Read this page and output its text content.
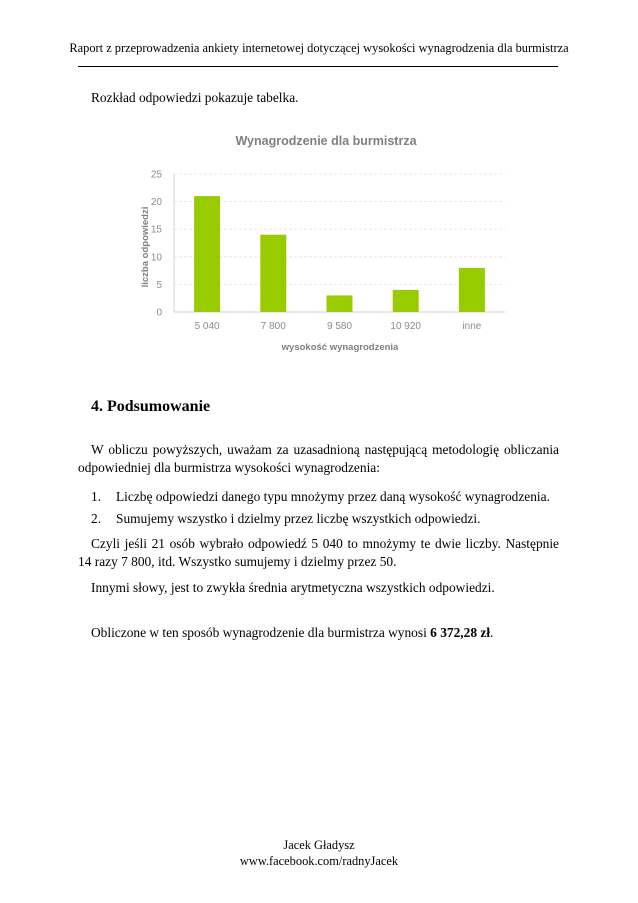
Raport z przeprowadzenia ankiety internetowej dotyczącej wysokości wynagrodzenia dla burmistrza
Rozkład odpowiedzi pokazuje tabelka.
Wynagrodzenie dla burmistrza
liczba odpowiedzi
wysokość wynagrodzenia
0
5
10
15
20
25
5 040	7 800	9 580	10 920	inne
4. Podsumowanie
W obliczu powyższych, uważam za uzasadnioną następującą metodologię obliczania odpowiedniej dla burmistrza wysokości wynagrodzenia:
1. Liczbę odpowiedzi danego typu mnożymy przez daną wysokość wynagrodzenia.
2. Sumujemy wszystko i dzielmy przez liczbę wszystkich odpowiedzi.
Czyli jeśli 21 osób wybrało odpowiedź 5 040 to mnożymy te dwie liczby. Następnie 14 razy 7 800, itd. Wszystko sumujemy i dzielmy przez 50.
Innymi słowy, jest to zwykła średnia arytmetyczna wszystkich odpowiedzi.
Obliczone w ten sposób wynagrodzenie dla burmistrza wynosi 6 372,28 zł.
Jacek Gładysz
www.facebook.com/radnyJacek
